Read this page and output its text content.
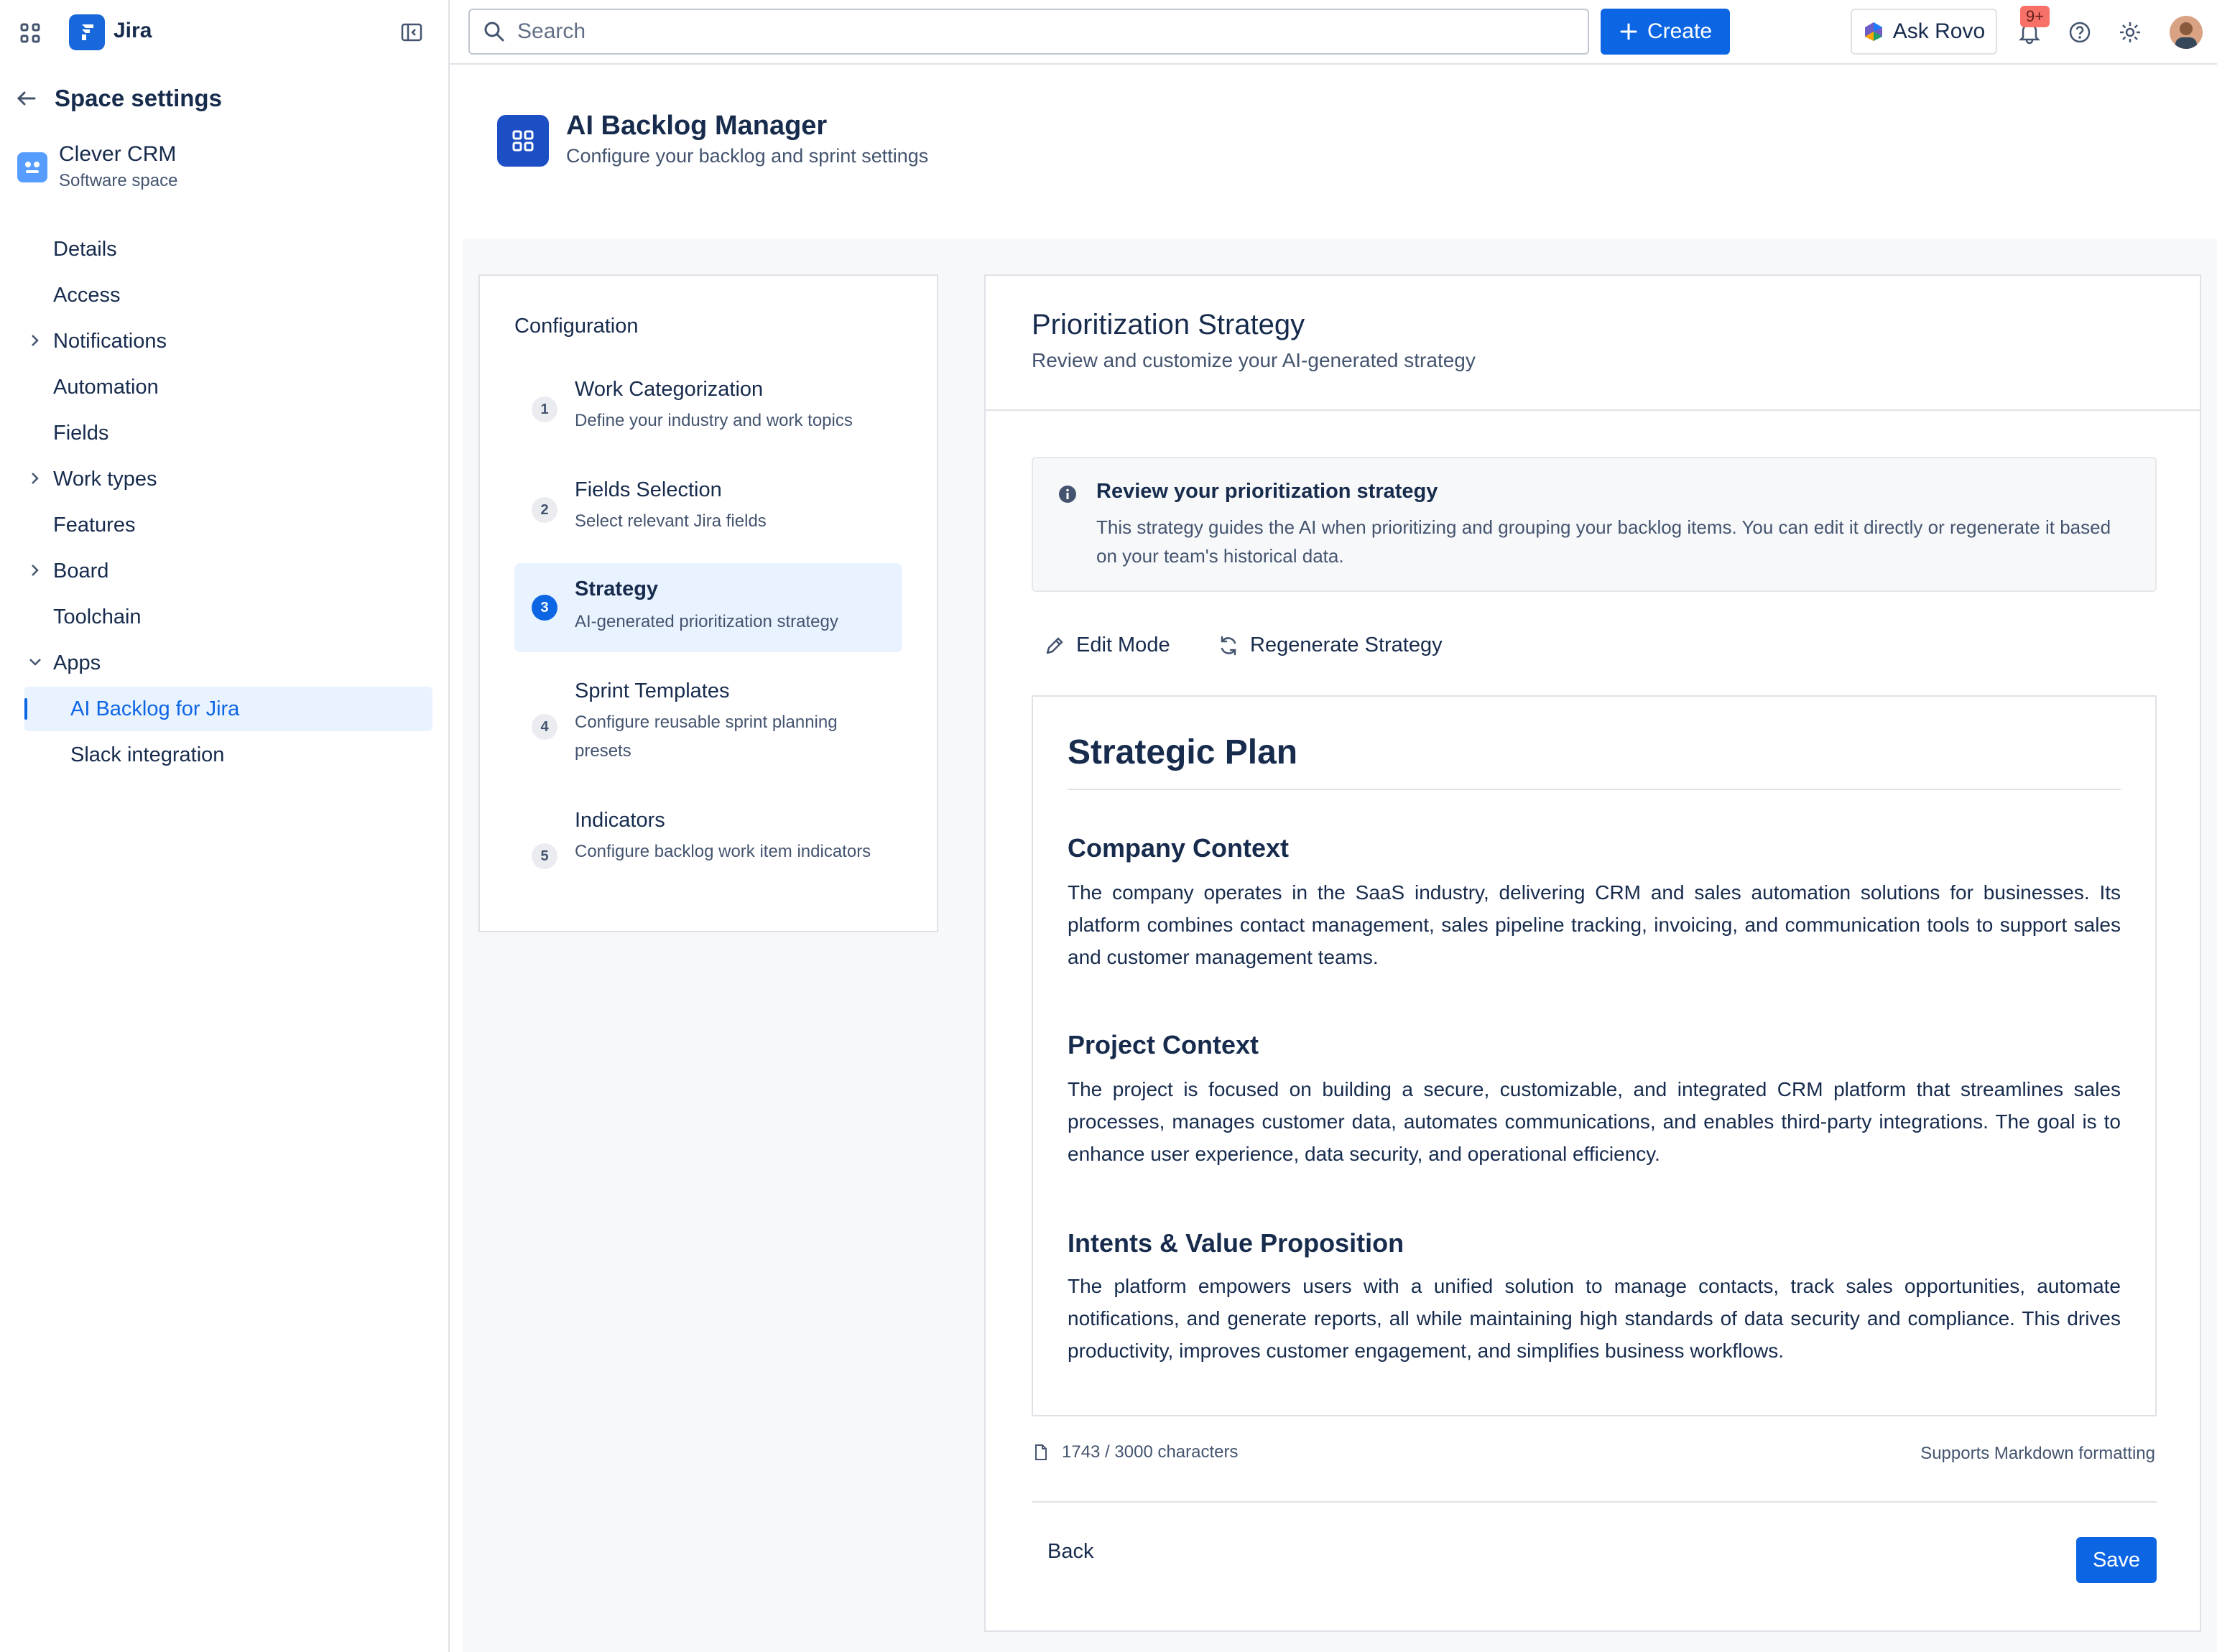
Jira
Space settings
Clever CRM
Software space
Details
Access
Notifications
Automation
Fields
Work types
Features
Board
Toolchain
Apps
AI Backlog for Jira
Slack integration
Search
Create	Ask Rovo
9+
AI Backlog Manager
Configure your backlog and sprint settings
Configuration
1
Work Categorization
Define your industry and work topics
2
Fields Selection
Select relevant Jira fields
3
Strategy
AI-generated prioritization strategy
4
Sprint Templates
Configure reusable sprint planning presets
5
Indicators
Configure backlog work item indicators
Prioritization Strategy
Review and customize your AI-generated strategy
Review your prioritization strategy
This strategy guides the AI when prioritizing and grouping your backlog items. You can edit it directly or regenerate it based on your team's historical data.
Edit Mode	Regenerate Strategy
Strategic Plan
Company Context
The company operates in the SaaS industry, delivering CRM and sales automation solutions for businesses. Its platform combines contact management, sales pipeline tracking, invoicing, and communication tools to support sales and customer management teams.
Project Context
The project is focused on building a secure, customizable, and integrated CRM platform that streamlines sales processes, manages customer data, automates communications, and enables third-party integrations. The goal is to enhance user experience, data security, and operational efficiency.
Intents & Value Proposition
The platform empowers users with a unified solution to manage contacts, track sales opportunities, automate notifications, and generate reports, all while maintaining high standards of data security and compliance. This drives productivity, improves customer engagement, and simplifies business workflows.
1743 / 3000 characters	Supports Markdown formatting
Back	Save
